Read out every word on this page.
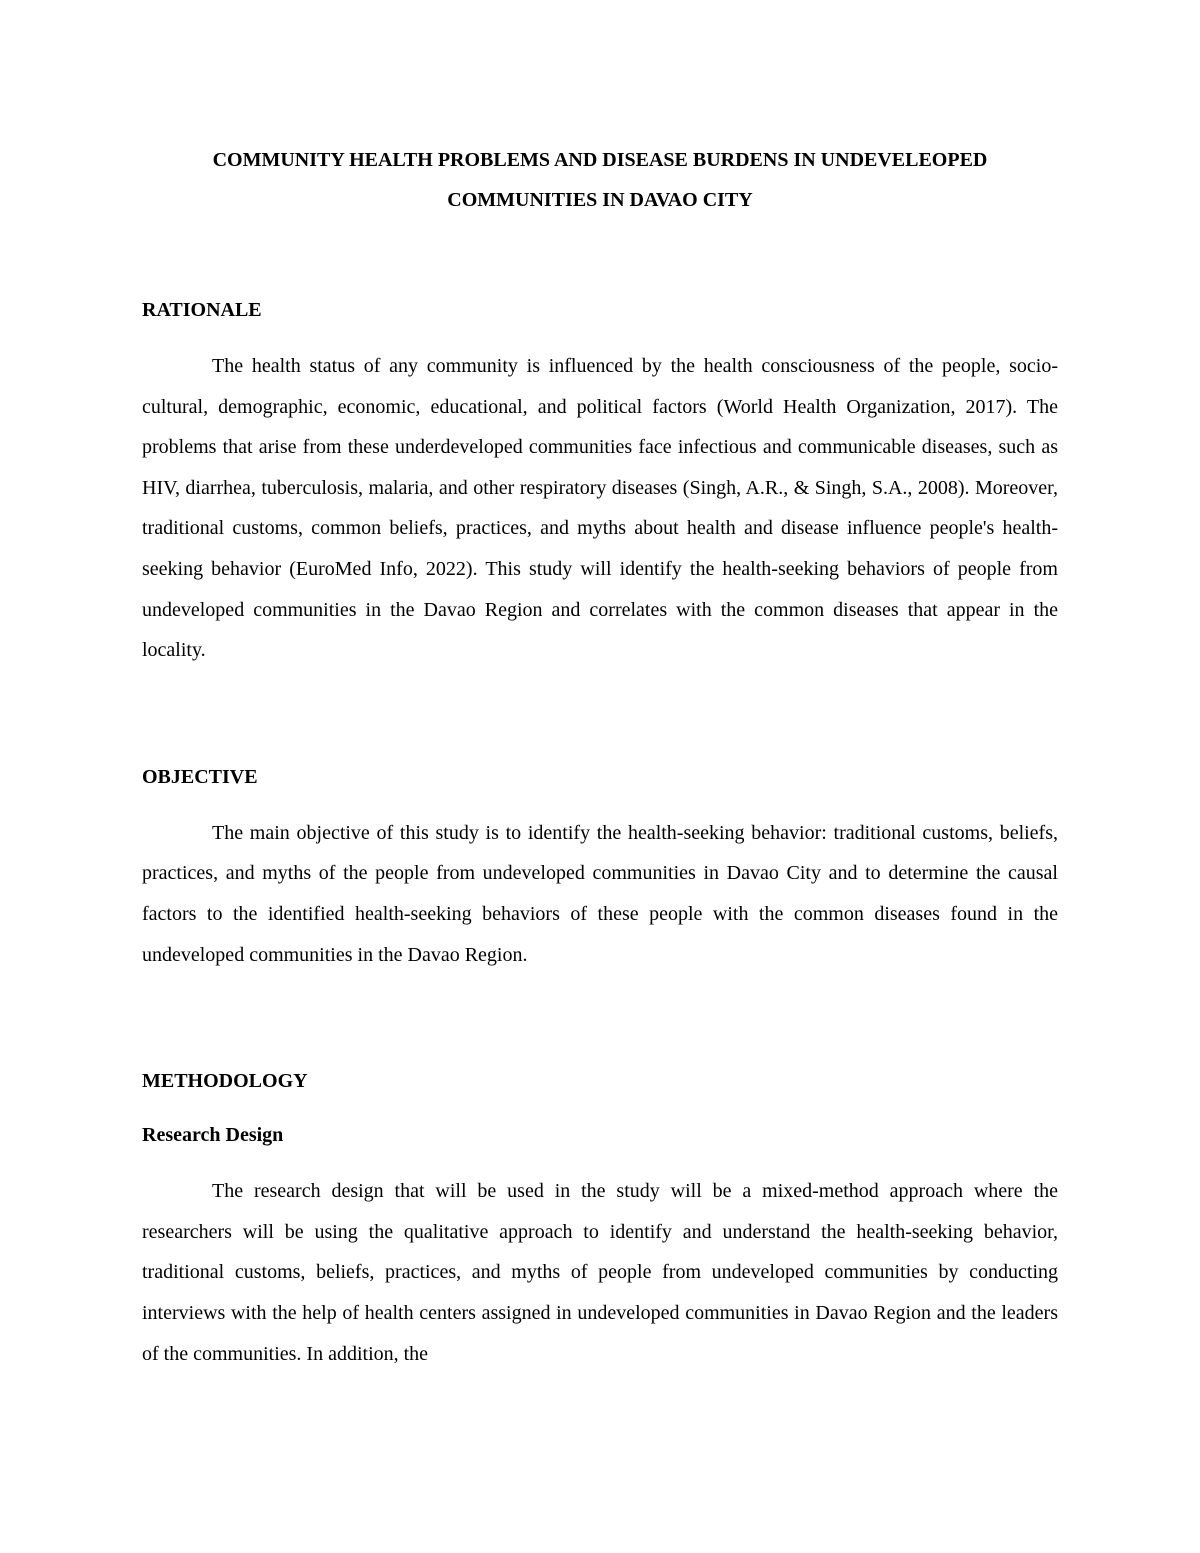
COMMUNITY HEALTH PROBLEMS AND DISEASE BURDENS IN UNDEVELEOPED

COMMUNITIES IN DAVAO CITY

RATIONALE

The health status of any community is influenced by the health consciousness of the people, socio-cultural, demographic, economic, educational, and political factors (World Health Organization, 2017). The problems that arise from these underdeveloped communities face infectious and communicable diseases, such as HIV, diarrhea, tuberculosis, malaria, and other respiratory diseases (Singh, A.R., & Singh, S.A., 2008). Moreover, traditional customs, common beliefs, practices, and myths about health and disease influence people's health-seeking behavior (EuroMed Info, 2022). This study will identify the health-seeking behaviors of people from undeveloped communities in the Davao Region and correlates with the common diseases that appear in the locality.

OBJECTIVE

The main objective of this study is to identify the health-seeking behavior: traditional customs, beliefs, practices, and myths of the people from undeveloped communities in Davao City and to determine the causal factors to the identified health-seeking behaviors of these people with the common diseases found in the undeveloped communities in the Davao Region.

METHODOLOGY

Research Design

The research design that will be used in the study will be a mixed-method approach where the researchers will be using the qualitative approach to identify and understand the health-seeking behavior, traditional customs, beliefs, practices, and myths of people from undeveloped communities by conducting interviews with the help of health centers assigned in undeveloped communities in Davao Region and the leaders of the communities. In addition, the
